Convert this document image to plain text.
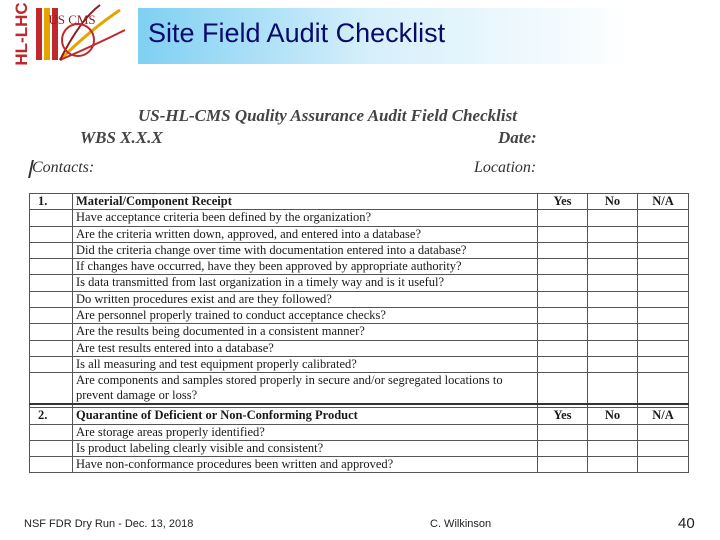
HL-LHC US CMS Site Field Audit Checklist
US-HL-CMS Quality Assurance Audit Field Checklist
WBS X.X.X	Date:
Contacts:	Location:
1.	Material/Component Receipt	Yes	No	N/A
	Have acceptance criteria been defined by the organization?			
	Are the criteria written down, approved, and entered into a database?			
	Did the criteria change over time with documentation entered into a database?			
	If changes have occurred, have they been approved by appropriate authority?			
	Is data transmitted from last organization in a timely way and is it useful?			
	Do written procedures exist and are they followed?			
	Are personnel properly trained to conduct acceptance checks?			
	Are the results being documented in a consistent manner?			
	Are test results entered into a database?			
	Is all measuring and test equipment properly calibrated?			
	Are components and samples stored properly in secure and/or segregated locations to prevent damage or loss?			

2.	Quarantine of Deficient or Non-Conforming Product	Yes	No	N/A
	Are storage areas properly identified?			
	Is product labeling clearly visible and consistent?			
	Have non-conformance procedures been written and approved?			
NSF FDR Dry Run - Dec. 13, 2018	C. Wilkinson	40
